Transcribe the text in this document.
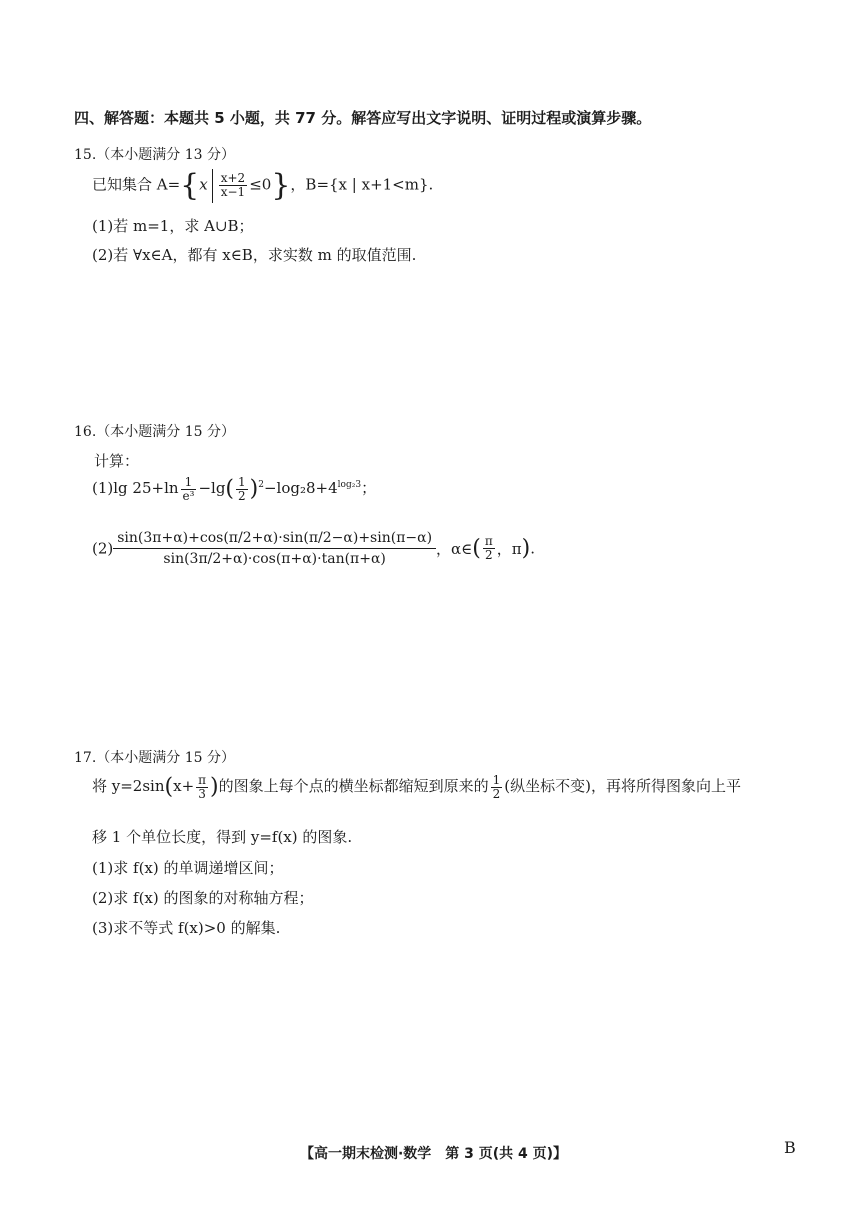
四、解答题：本题共 5 小题，共 77 分。解答应写出文字说明、证明过程或演算步骤。
15.（本小题满分 13 分）
已知集合 $A=\{x \frac{x+2}{x-1} \le 0\}$，B={x | x+1<m}.
(1)若 m=1，求 A∪B；
(2)若 ∀x∈A，都有 x∈B，求实数 m 的取值范围.
16.（本小题满分 15 分）
计算：
(1)lg $25+\ln \frac{1}{\text{e³}} -\lg( \frac{1}{2} )^2-\log_28+4^{log_23}$；
$(2) \frac{\sin(3\pi+\alpha)+\cos(\pi/2+\alpha)\cdot\sin(\pi/2-\alpha)+\sin(\pi-\alpha)}{\sin(3\pi/2+\alpha)\cdot\cos(\pi+\alpha)\cdot\tan(\pi+\alpha)}$ ，α∈( $\frac{\pi}{2}$ ，π).
17.（本小题满分 15 分）
将 $y=2\sin(x+ \frac{\pi}{3}$ )的图象上每个点的横坐标都缩短到原来的 $\frac{1}{2}$ (纵坐标不变)，再将所得图象向上平
移 1 个单位长度，得到 y=f(x) 的图象.
(1)求 f(x) 的单调递增区间；
(2)求 f(x) 的图象的对称轴方程；
(3)求不等式 f(x)>0 的解集.
【高一期末检测·数学　第 3 页(共 4 页)】	B
